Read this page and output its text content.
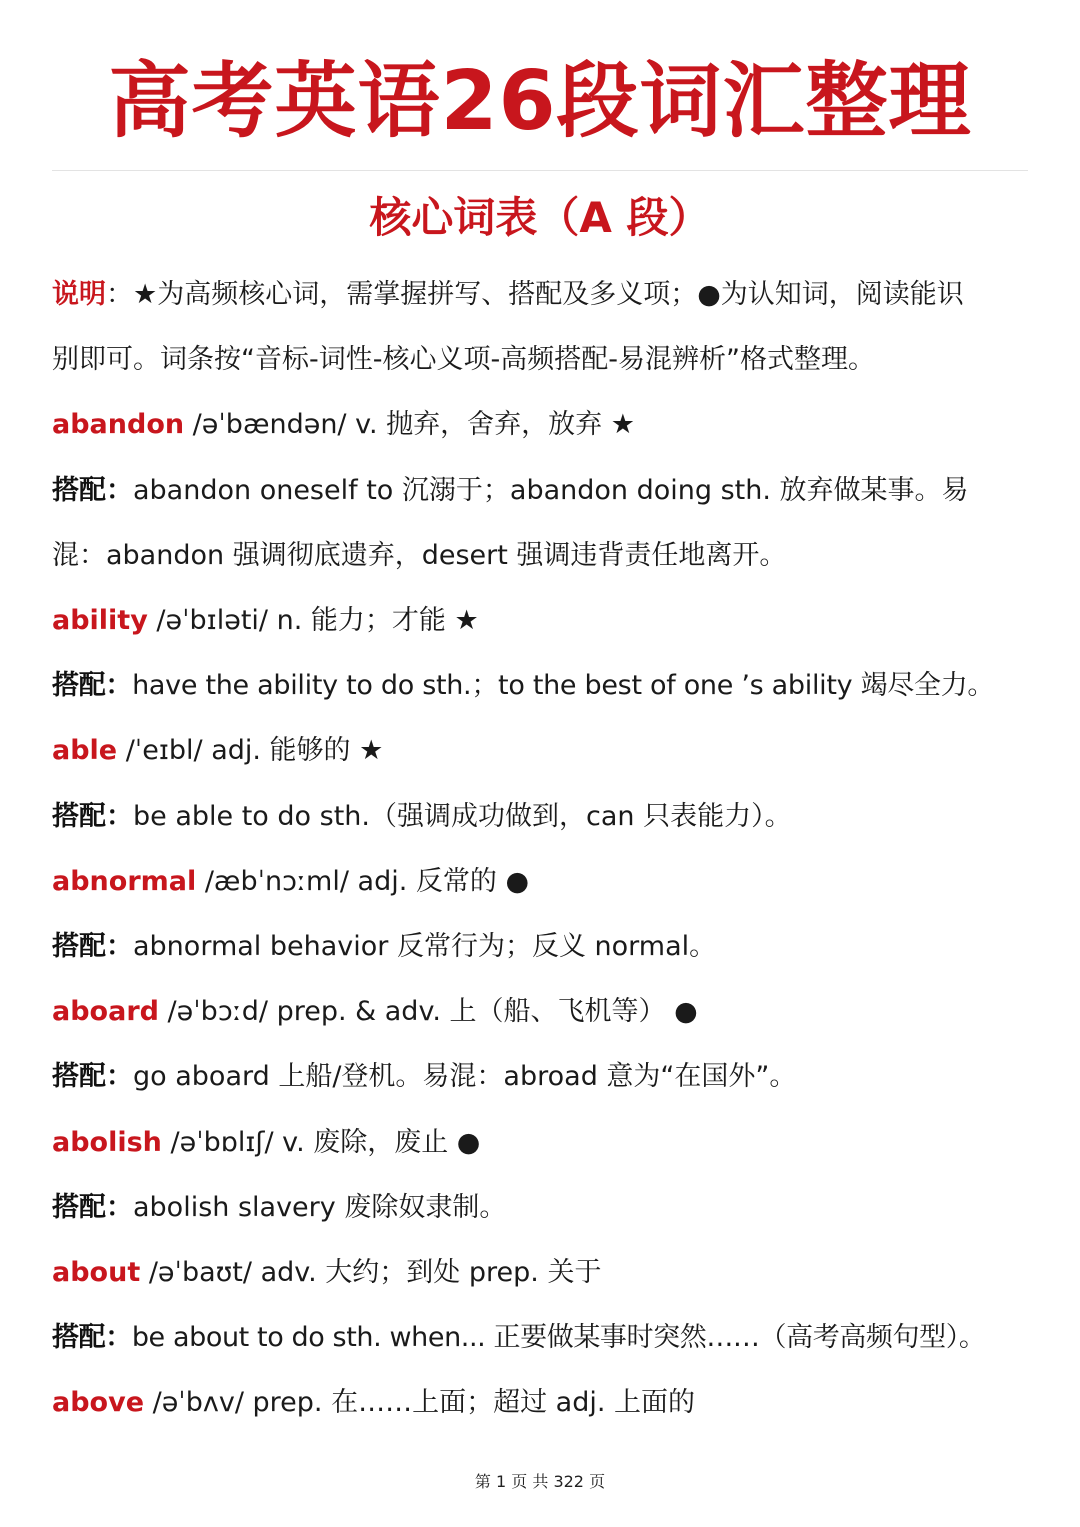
高考英语26段词汇整理
核心词表（A 段）

说明：★为高频核心词，需掌握拼写、搭配及多义项；●为认知词，阅读能识

别即可。词条按“音标-词性-核心义项-高频搭配-易混辨析”格式整理。

abandon /əˈbændən/ v. 抛弃，舍弃，放弃 ★

搭配：abandon oneself to 沉溺于；abandon doing sth. 放弃做某事。易

混：abandon 强调彻底遗弃，desert 强调违背责任地离开。

ability /əˈbɪləti/ n. 能力；才能 ★

搭配：have the ability to do sth.；to the best of one ’s ability 竭尽全力。

able /ˈeɪbl/ adj. 能够的 ★

搭配：be able to do sth.（强调成功做到，can 只表能力）。

abnormal /æbˈnɔːml/ adj. 反常的 ●

搭配：abnormal behavior 反常行为；反义 normal。

aboard /əˈbɔːd/ prep. & adv. 上（船、飞机等） ●

搭配：go aboard 上船/登机。易混：abroad 意为“在国外”。

abolish /əˈbɒlɪʃ/ v. 废除，废止 ●

搭配：abolish slavery 废除奴隶制。

about /əˈbaʊt/ adv. 大约；到处 prep. 关于

搭配：be about to do sth. when... 正要做某事时突然……（高考高频句型）。

above /əˈbʌv/ prep. 在……上面；超过 adj. 上面的

第 1 页 共 322 页
